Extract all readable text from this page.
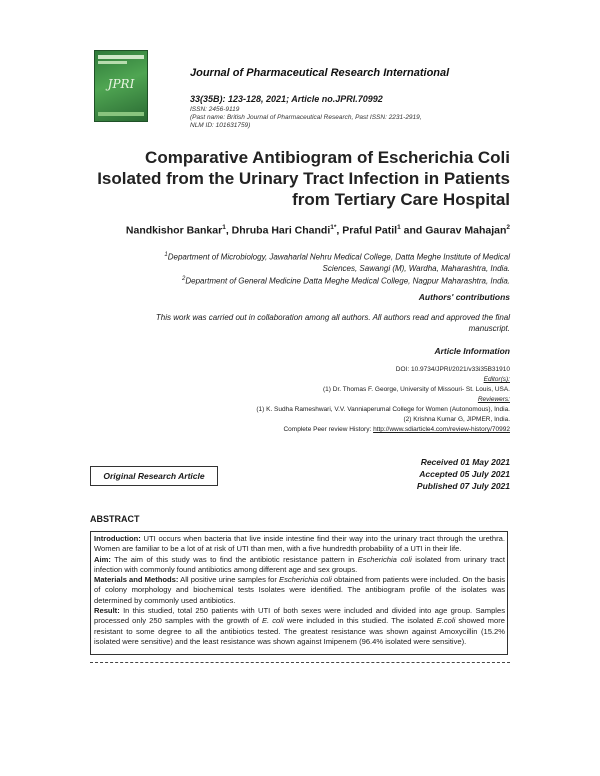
JPRI
Journal of Pharmaceutical Research International
33(35B): 123-128, 2021; Article no.JPRI.70992
ISSN: 2456-9119
(Past name: British Journal of Pharmaceutical Research, Past ISSN: 2231-2919,
NLM ID: 101631759)
Comparative Antibiogram of Escherichia Coli
Isolated from the Urinary Tract Infection in Patients
from Tertiary Care Hospital
Nandkishor Bankar$^1$, Dhruba Hari Chandi$^{1*}$, Praful Patil$^1$ and Gaurav Mahajan$^2$
$^1$Department of Microbiology, Jawaharlal Nehru Medical College, Datta Meghe Institute of Medical
Sciences, Sawangi (M), Wardha, Maharashtra, India.
$^2$Department of General Medicine Datta Meghe Medical College, Nagpur Maharashtra, India.
Authors' contributions
This work was carried out in collaboration among all authors. All authors read and approved the final
manuscript.
Article Information
DOI: 10.9734/JPRI/2021/v33i35B31910
Editor(s):
(1) Dr. Thomas F. George, University of Missouri- St. Louis, USA.
Reviewers:
(1) K. Sudha Rameshwari, V.V. Vanniaperumal College for Women (Autonomous), India.
(2) Krishna Kumar G, JIPMER, India.
Complete Peer review History: http://www.sdiarticle4.com/review-history/70992
Original Research Article
Received 01 May 2021
Accepted 05 July 2021
Published 07 July 2021
ABSTRACT

Introduction: UTI occurs when bacteria that live inside intestine find their way into the urinary tract through the urethra. Women are familiar to be a lot of at risk of UTI than men, with a five hundredth probability of a UTI in their life.

Aim: The aim of this study was to find the antibiotic resistance pattern in Escherichia coli isolated from urinary tract infection with commonly found antibiotics among different age and sex groups.

Materials and Methods: All positive urine samples for Escherichia coli obtained from patients were included. On the basis of colony morphology and biochemical tests Isolates were identified. The antibiogram profile of the isolates was determined by commonly used antibiotics.

Result: In this studied, total 250 patients with UTI of both sexes were included and divided into age group. Samples processed only 250 samples with the growth of E. coli were included in this studied. The isolated E.coli showed more resistant to some degree to all the antibiotics tested. The greatest resistance was shown against Amoxycillin (15.2% isolated were sensitive) and the least resistance was shown against Imipenem (96.4% isolated were sensitive).
